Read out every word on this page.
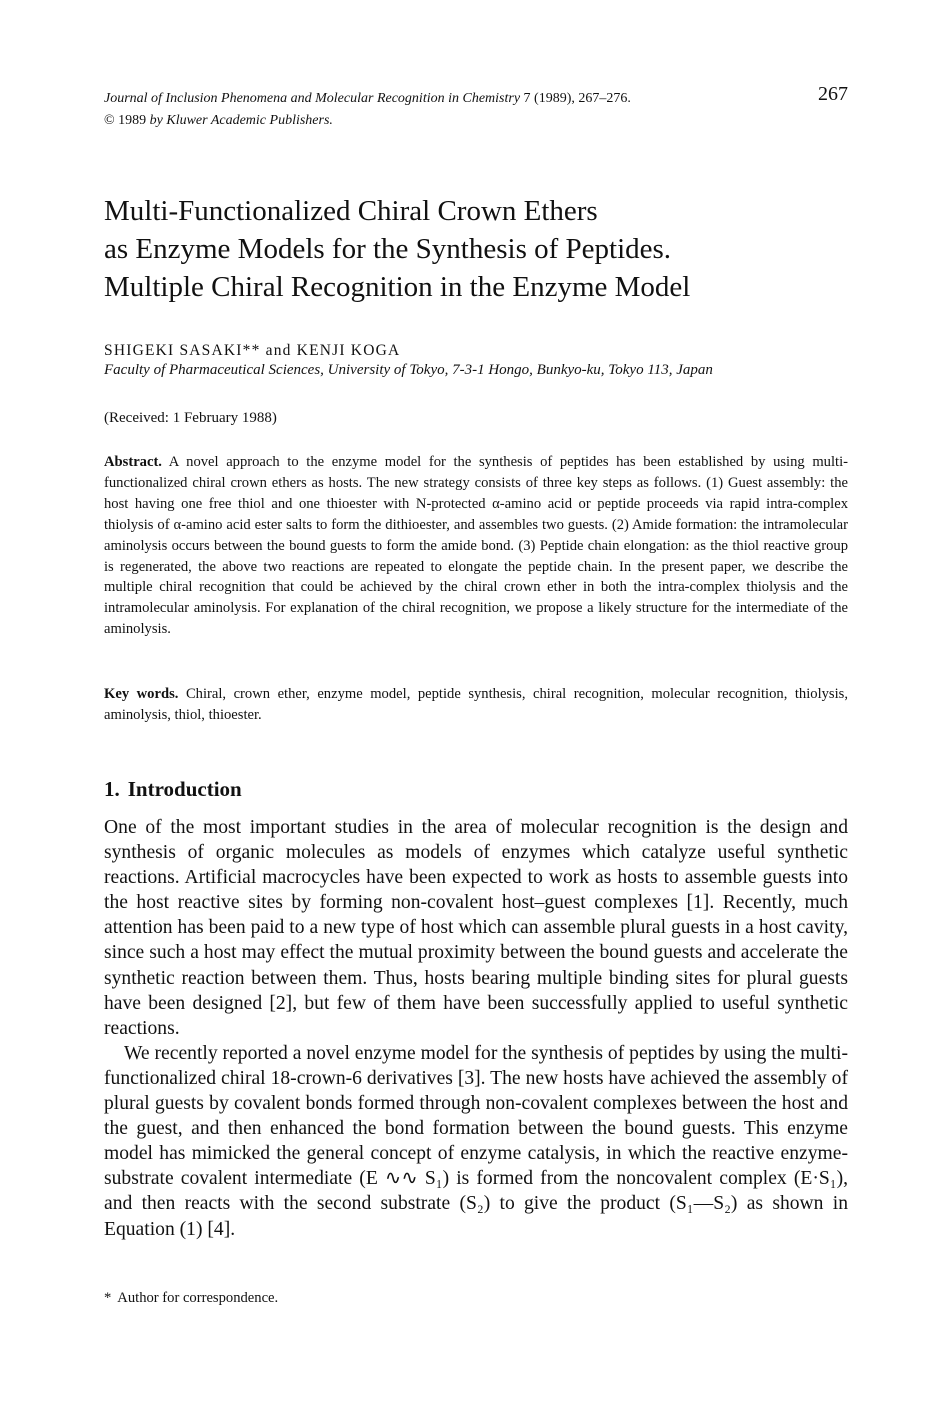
Journal of Inclusion Phenomena and Molecular Recognition in Chemistry 7 (1989), 267–276.
© 1989 by Kluwer Academic Publishers.
267
Multi-Functionalized Chiral Crown Ethers
as Enzyme Models for the Synthesis of Peptides.
Multiple Chiral Recognition in the Enzyme Model
SHIGEKI SASAKI** and KENJI KOGA
Faculty of Pharmaceutical Sciences, University of Tokyo, 7-3-1 Hongo, Bunkyo-ku, Tokyo 113, Japan
(Received: 1 February 1988)

Abstract. A novel approach to the enzyme model for the synthesis of peptides has been established by using multi-functionalized chiral crown ethers as hosts. The new strategy consists of three key steps as follows. (1) Guest assembly: the host having one free thiol and one thioester with N-protected α-amino acid or peptide proceeds via rapid intra-complex thiolysis of α-amino acid ester salts to form the dithioester, and assembles two guests. (2) Amide formation: the intramolecular aminolysis occurs between the bound guests to form the amide bond. (3) Peptide chain elongation: as the thiol reactive group is regenerated, the above two reactions are repeated to elongate the peptide chain. In the present paper, we describe the multiple chiral recognition that could be achieved by the chiral crown ether in both the intra-complex thiolysis and the intramolecular aminolysis. For explanation of the chiral recognition, we propose a likely structure for the intermediate of the aminolysis.

Key words. Chiral, crown ether, enzyme model, peptide synthesis, chiral recognition, molecular recognition, thiolysis, aminolysis, thiol, thioester.

1. Introduction

One of the most important studies in the area of molecular recognition is the design and synthesis of organic molecules as models of enzymes which catalyze useful synthetic reactions. Artificial macrocycles have been expected to work as hosts to assemble guests into the host reactive sites by forming non-covalent host–guest complexes [1]. Recently, much attention has been paid to a new type of host which can assemble plural guests in a host cavity, since such a host may effect the mutual proximity between the bound guests and accelerate the synthetic reaction between them. Thus, hosts bearing multiple binding sites for plural guests have been designed [2], but few of them have been successfully applied to useful synthetic reactions.

We recently reported a novel enzyme model for the synthesis of peptides by using the multi-functionalized chiral 18-crown-6 derivatives [3]. The new hosts have achieved the assembly of plural guests by covalent bonds formed through non-covalent complexes between the host and the guest, and then enhanced the bond formation between the bound guests. This enzyme model has mimicked the general concept of enzyme catalysis, in which the reactive enzyme-substrate covalent intermediate (E ∿∿ S₁) is formed from the noncovalent complex (E·S₁), and then reacts with the second substrate (S₂) to give the product (S₁—S₂) as shown in Equation (1) [4].

* Author for correspondence.
